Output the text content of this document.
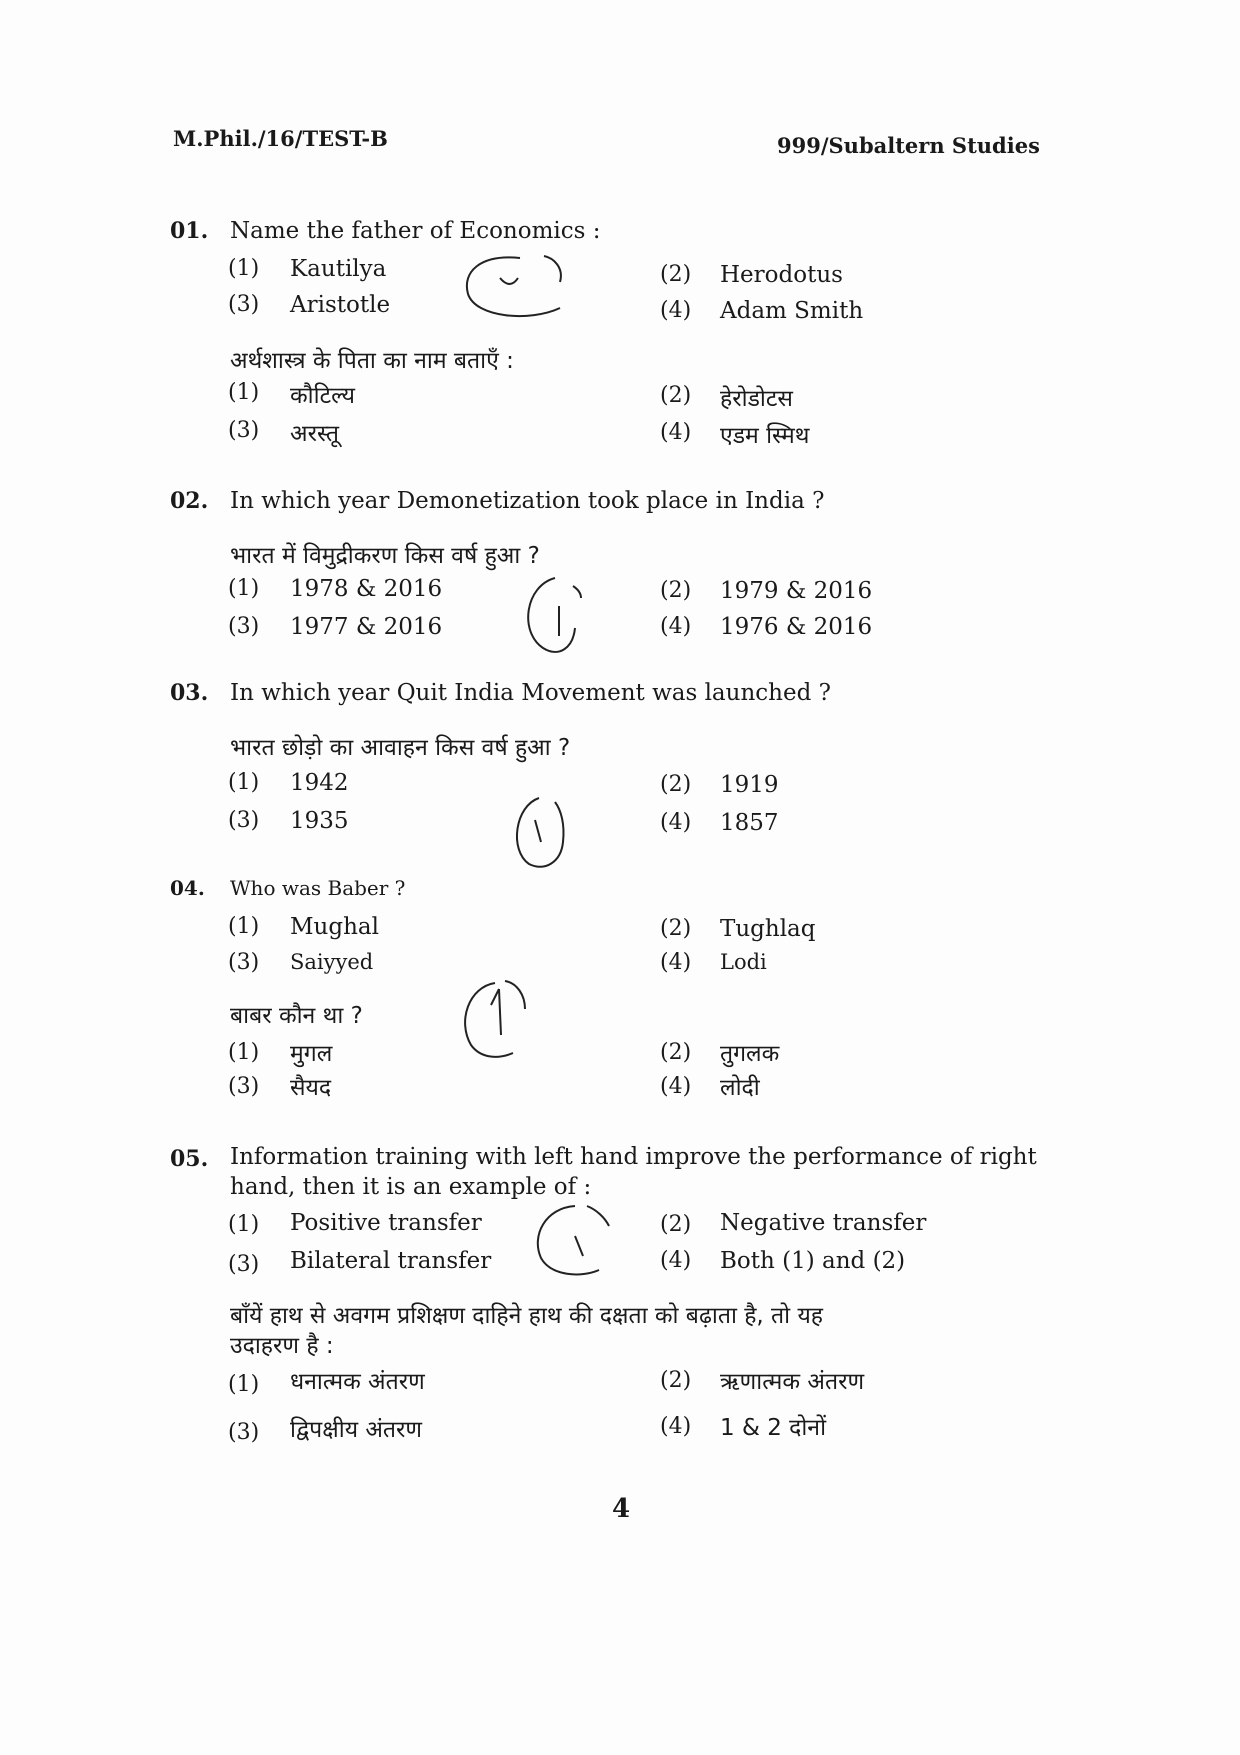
M.Phil./16/TEST-B	999/Subaltern Studies
01. Name the father of Economics :
(1) Kautilya	(2) Herodotus
(3) Aristotle	(4) Adam Smith
अर्थशास्त्र के पिता का नाम बताएँ :
(1) कौटिल्य	(2) हेरोडोटस
(3) अरस्तू	(4) एडम स्मिथ
02. In which year Demonetization took place in India ?
भारत में विमुद्रीकरण किस वर्ष हुआ ?
(1) 1978 & 2016	(2) 1979 & 2016
(3) 1977 & 2016	(4) 1976 & 2016
03. In which year Quit India Movement was launched ?
भारत छोड़ो का आवाहन किस वर्ष हुआ ?
(1) 1942	(2) 1919
(3) 1935	(4) 1857
04. Who was Baber ?
(1) Mughal	(2) Tughlaq
(3) Saiyyed	(4) Lodi
बाबर कौन था ?
(1) मुगल	(2) तुगलक
(3) सैयद	(4) लोदी
05. Information training with left hand improve the performance of right
hand, then it is an example of :
(1) Positive transfer	(2) Negative transfer
(3) Bilateral transfer	(4) Both (1) and (2)
बाँयें हाथ से अवगम प्रशिक्षण दाहिने हाथ की दक्षता को बढ़ाता है, तो यह
उदाहरण है :
(1) धनात्मक अंतरण	(2) ऋणात्मक अंतरण
(3) द्विपक्षीय अंतरण	(4) 1 & 2 दोनों
4
